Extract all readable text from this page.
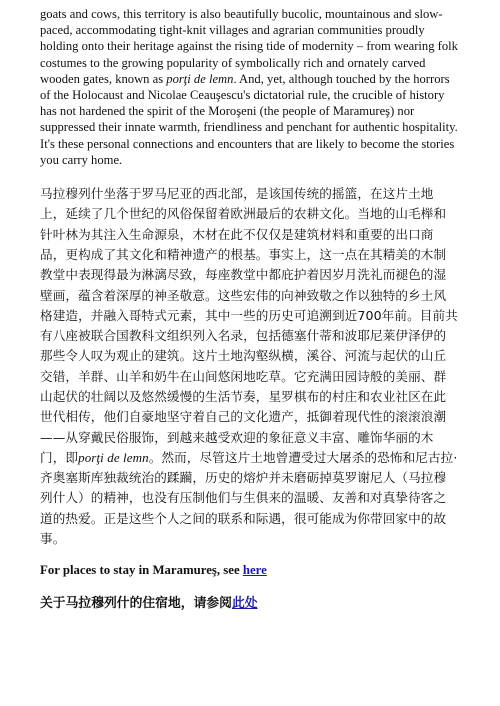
goats and cows, this territory is also beautifully bucolic, mountainous and slow-paced, accommodating tight-knit villages and agrarian communities proudly holding onto their heritage against the rising tide of modernity – from wearing folk costumes to the growing popularity of symbolically rich and ornately carved wooden gates, known as porţi de lemn. And, yet, although touched by the horrors of the Holocaust and Nicolae Ceauşescu's dictatorial rule, the crucible of history has not hardened the spirit of the Moroşeni (the people of Maramureş) nor suppressed their innate warmth, friendliness and penchant for authentic hospitality. It's these personal connections and encounters that are likely to become the stories you carry home.

马拉穆列什坐落于罗马尼亚的西北部，是该国传统的摇篮，在这片土地上，延续了几个世纪的风俗保留着欧洲最后的农耕文化。当地的山毛榉和针叶林为其注入生命源泉，木材在此不仅仅是建筑材料和重要的出口商品，更构成了其文化和精神遗产的根基。事实上，这一点在其精美的木制教堂中表现得最为淋漓尽致，每座教堂中都庇护着因岁月洗礼而褪色的湿壁画，蕴含着深厚的神圣敬意。这些宏伟的向神致敬之作以独特的乡土风格建造，并融入哥特式元素，其中一些的历史可追溯到近700年前。目前共有八座被联合国教科文组织列入名录，包括德塞什蒂和波耶尼莱伊泽伊的那些令人叹为观止的建筑。这片土地沟壑纵横，溪谷、河流与起伏的山丘交错，羊群、山羊和奶牛在山间悠闲地吃草。它充满田园诗般的美丽、群山起伏的壮阔以及悠然缓慢的生活节奏，星罗棋布的村庄和农业社区在此世代相传，他们自豪地坚守着自己的文化遗产，抵御着现代性的滚滚浪潮——从穿戴民俗服饰，到越来越受欢迎的象征意义丰富、雕饰华丽的木门，即porţi de lemn。然而，尽管这片土地曾遭受过大屠杀的恐怖和尼古拉·齐奥塞斯库独裁统治的蹂躏，历史的熔炉并未磨砺掉莫罗谢尼人（马拉穆列什人）的精神，也没有压制他们与生俱来的温暖、友善和对真挚待客之道的热爱。正是这些个人之间的联系和际遇，很可能成为你带回家中的故事。

For places to stay in Maramureş, see here

关于马拉穆列什的住宿地，请参阅此处
